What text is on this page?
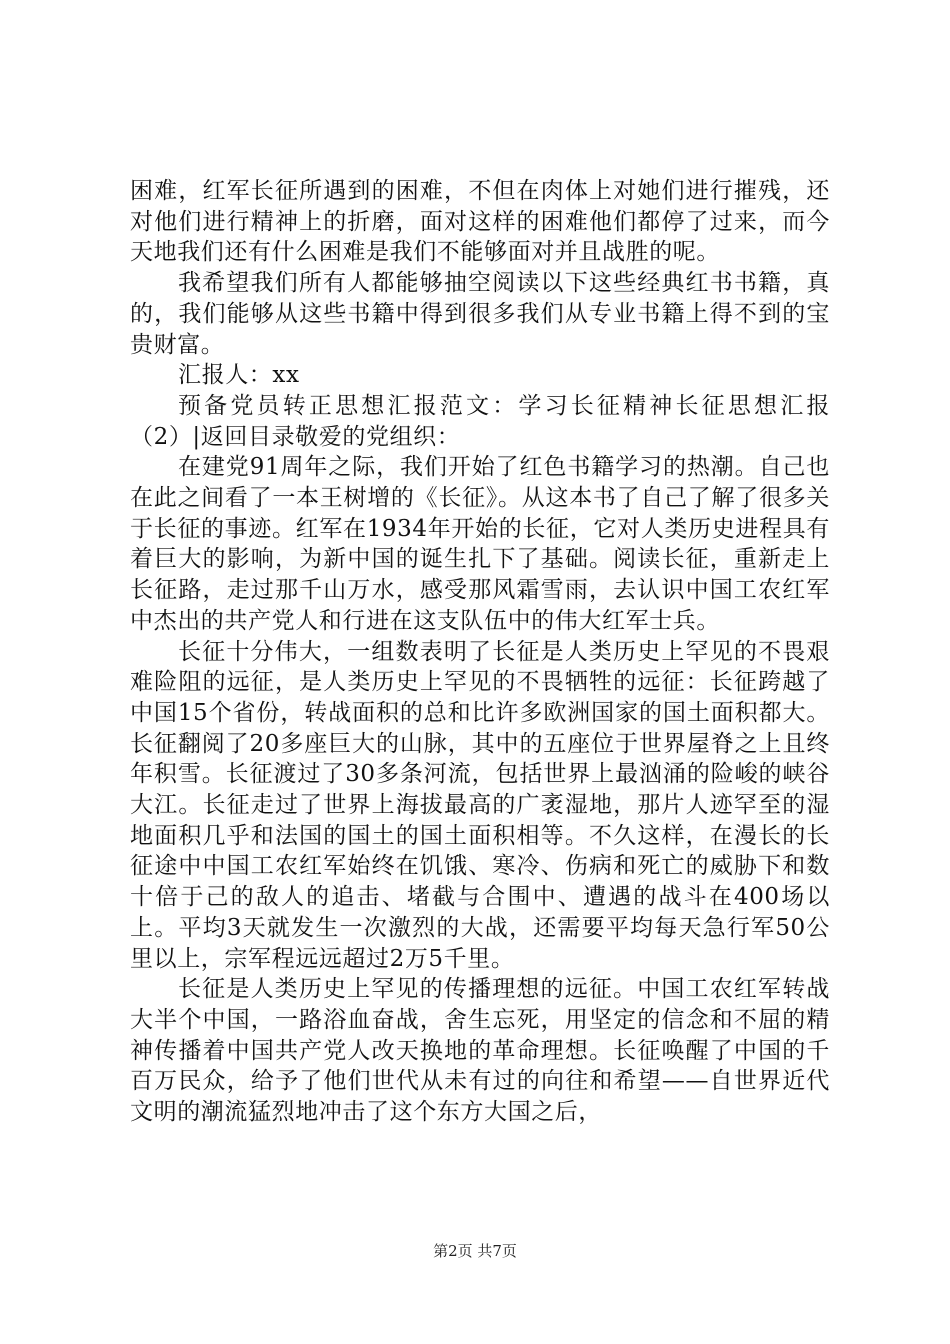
困难，红军长征所遇到的困难，不但在肉体上对她们进行摧残，还对他们进行精神上的折磨，面对这样的困难他们都停了过来，而今天地我们还有什么困难是我们不能够面对并且战胜的呢。

我希望我们所有人都能够抽空阅读以下这些经典红书书籍，真的，我们能够从这些书籍中得到很多我们从专业书籍上得不到的宝贵财富。

汇报人：xx

预备党员转正思想汇报范文：学习长征精神长征思想汇报（2）|返回目录敬爱的党组织：

在建党91周年之际，我们开始了红色书籍学习的热潮。自己也在此之间看了一本王树增的《长征》。从这本书了自己了解了很多关于长征的事迹。红军在1934年开始的长征，它对人类历史进程具有着巨大的影响，为新中国的诞生扎下了基础。阅读长征，重新走上长征路，走过那千山万水，感受那风霜雪雨，去认识中国工农红军中杰出的共产党人和行进在这支队伍中的伟大红军士兵。

长征十分伟大，一组数表明了长征是人类历史上罕见的不畏艰难险阻的远征，是人类历史上罕见的不畏牺牲的远征：长征跨越了中国15个省份，转战面积的总和比许多欧洲国家的国土面积都大。长征翻阅了20多座巨大的山脉，其中的五座位于世界屋脊之上且终年积雪。长征渡过了30多条河流，包括世界上最汹涌的险峻的峡谷大江。长征走过了世界上海拔最高的广袤湿地，那片人迹罕至的湿地面积几乎和法国的国土的国土面积相等。不久这样，在漫长的长征途中中国工农红军始终在饥饿、寒冷、伤病和死亡的威胁下和数十倍于己的敌人的追击、堵截与合围中、遭遇的战斗在400场以上。平均3天就发生一次激烈的大战，还需要平均每天急行军50公里以上，宗军程远远超过2万5千里。

长征是人类历史上罕见的传播理想的远征。中国工农红军转战大半个中国，一路浴血奋战，舍生忘死，用坚定的信念和不屈的精神传播着中国共产党人改天换地的革命理想。长征唤醒了中国的千百万民众，给予了他们世代从未有过的向往和希望——自世界近代文明的潮流猛烈地冲击了这个东方大国之后，

第2页 共7页
